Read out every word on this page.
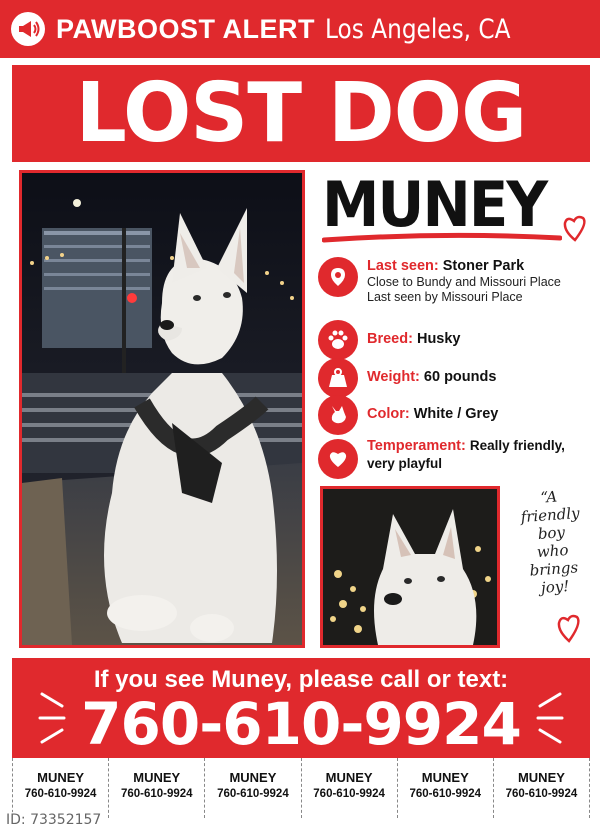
PAWBOOST ALERT Los Angeles, CA
LOST DOG
MUNEY
Last seen: Stoner Park
Close to Bundy and Missouri Place
Last seen by Missouri Place
Breed: Husky
Weight: 60 pounds
Color: White / Grey
Temperament: Really friendly,
very playful
“A
friendly
boy
who
brings
joy!
If you see Muney, please call or text:
760-610-9924
MUNEY
760-610-9924
MUNEY
760-610-9924
MUNEY
760-610-9924
MUNEY
760-610-9924
MUNEY
760-610-9924
MUNEY
760-610-9924
ID: 73352157
